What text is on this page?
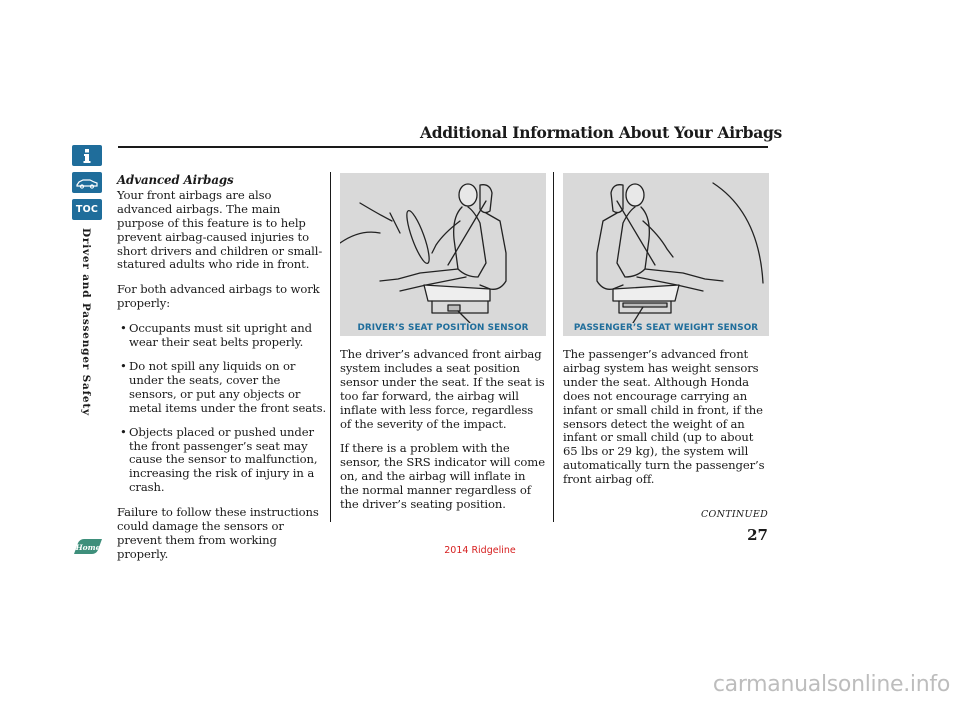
Additional Information About Your Airbags
TOC
Driver and Passenger Safety
Advanced Airbags

Your front airbags are also advanced airbags. The main purpose of this feature is to help prevent airbag-caused injuries to short drivers and children or small-statured adults who ride in front.

For both advanced airbags to work properly:

• Occupants must sit upright and wear their seat belts properly.
• Do not spill any liquids on or under the seats, cover the sensors, or put any objects or metal items under the front seats.
• Objects placed or pushed under the front passenger’s seat may cause the sensor to malfunction, increasing the risk of injury in a crash.

Failure to follow these instructions could damage the sensors or prevent them from working properly.

DRIVER’S SEAT POSITION SENSOR	PASSENGER’S SEAT WEIGHT SENSOR

The driver’s advanced front airbag system includes a seat position sensor under the seat. If the seat is too far forward, the airbag will inflate with less force, regardless of the severity of the impact.

If there is a problem with the sensor, the SRS indicator will come on, and the airbag will inflate in the normal manner regardless of the driver’s seating position.

The passenger’s advanced front airbag system has weight sensors under the seat. Although Honda does not encourage carrying an infant or small child in front, if the sensors detect the weight of an infant or small child (up to about 65 lbs or 29 kg), the system will automatically turn the passenger’s front airbag off.

CONTINUED
27
Home	2014 Ridgeline
carmanualsonline.info
